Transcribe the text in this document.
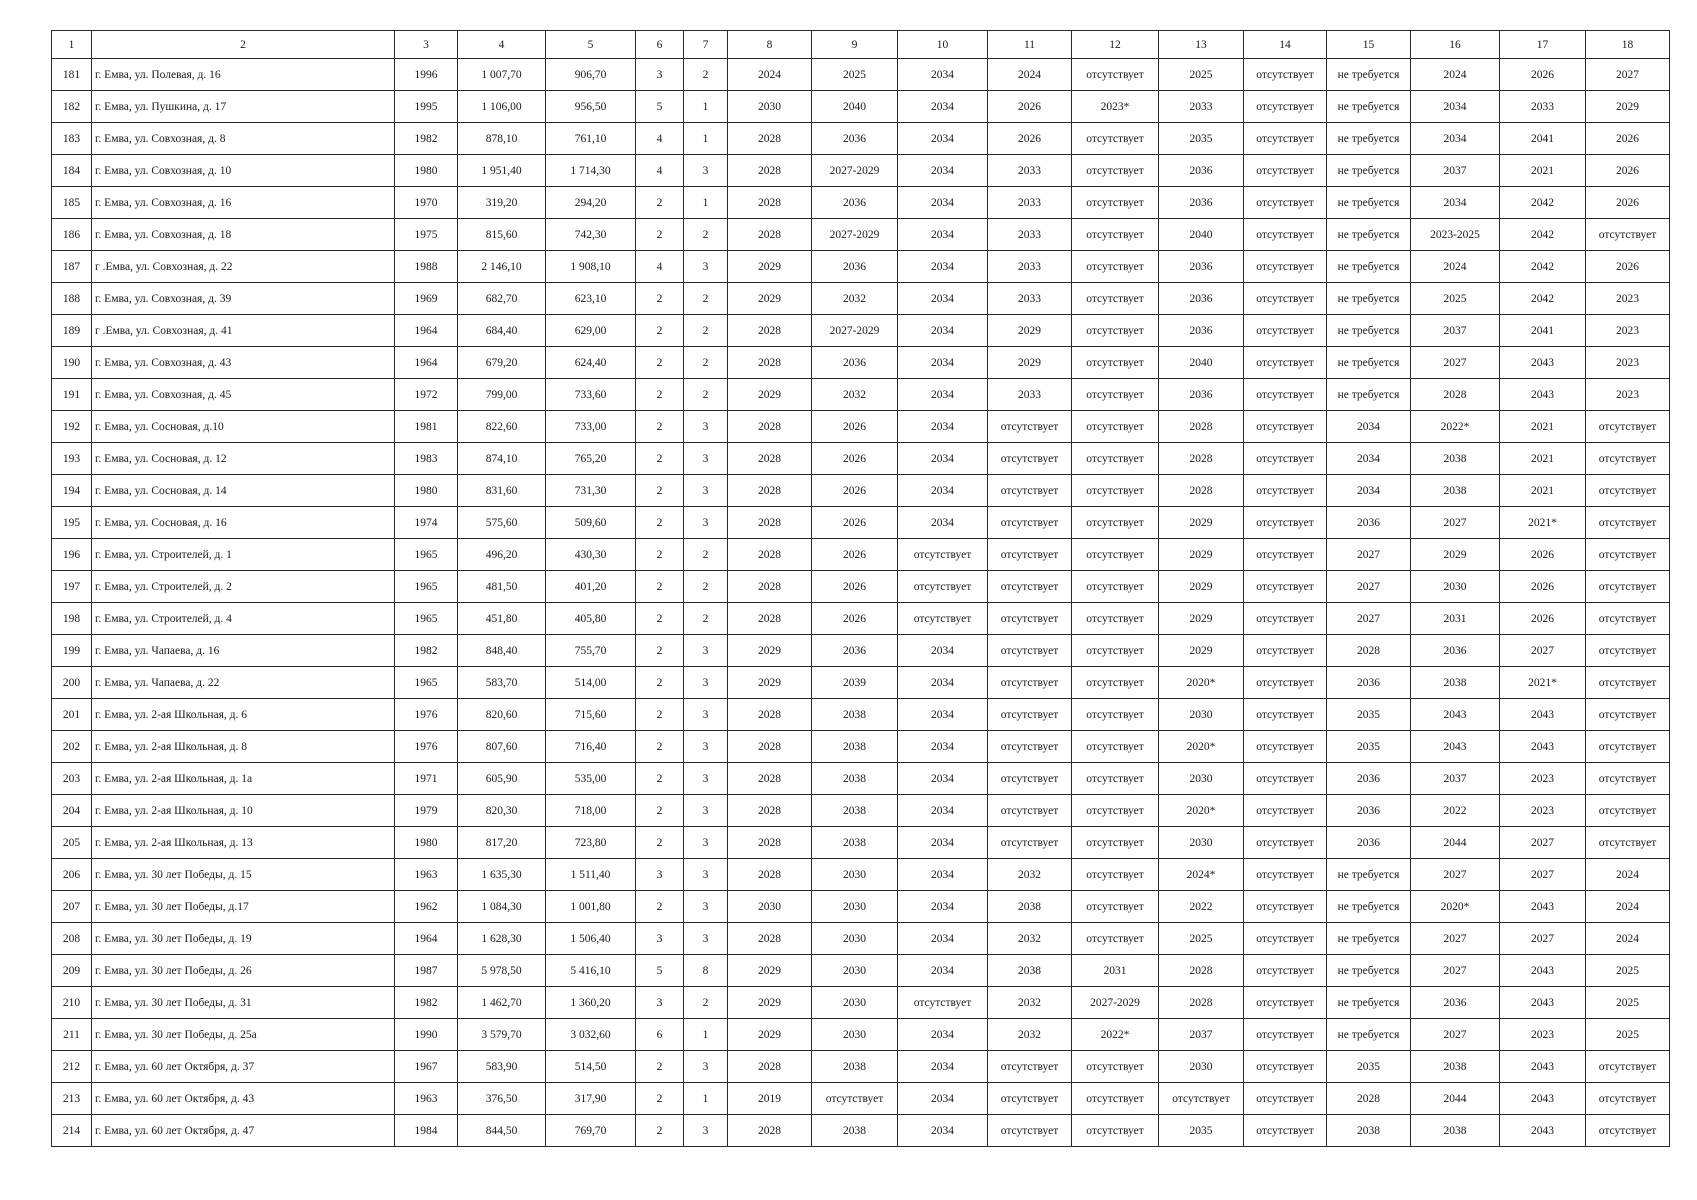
1	2	3	4	5	6	7	8	9	10	11	12	13	14	15	16	17	18
181	г. Емва, ул. Полевая, д. 16	1996	1 007,70	906,70	3	2	2024	2025	2034	2024	отсутствует	2025	отсутствует	не требуется	2024	2026	2027
182	г. Емва, ул. Пушкина, д. 17	1995	1 106,00	956,50	5	1	2030	2040	2034	2026	2023*	2033	отсутствует	не требуется	2034	2033	2029
183	г. Емва, ул. Совхозная, д. 8	1982	878,10	761,10	4	1	2028	2036	2034	2026	отсутствует	2035	отсутствует	не требуется	2034	2041	2026
184	г. Емва, ул. Совхозная, д. 10	1980	1 951,40	1 714,30	4	3	2028	2027-2029	2034	2033	отсутствует	2036	отсутствует	не требуется	2037	2021	2026
185	г. Емва, ул. Совхозная, д. 16	1970	319,20	294,20	2	1	2028	2036	2034	2033	отсутствует	2036	отсутствует	не требуется	2034	2042	2026
186	г. Емва, ул. Совхозная, д. 18	1975	815,60	742,30	2	2	2028	2027-2029	2034	2033	отсутствует	2040	отсутствует	не требуется	2023-2025	2042	отсутствует
187	г .Емва, ул. Совхозная, д. 22	1988	2 146,10	1 908,10	4	3	2029	2036	2034	2033	отсутствует	2036	отсутствует	не требуется	2024	2042	2026
188	г. Емва, ул. Совхозная, д. 39	1969	682,70	623,10	2	2	2029	2032	2034	2033	отсутствует	2036	отсутствует	не требуется	2025	2042	2023
189	г .Емва, ул. Совхозная, д. 41	1964	684,40	629,00	2	2	2028	2027-2029	2034	2029	отсутствует	2036	отсутствует	не требуется	2037	2041	2023
190	г. Емва, ул. Совхозная, д. 43	1964	679,20	624,40	2	2	2028	2036	2034	2029	отсутствует	2040	отсутствует	не требуется	2027	2043	2023
191	г. Емва, ул. Совхозная, д. 45	1972	799,00	733,60	2	2	2029	2032	2034	2033	отсутствует	2036	отсутствует	не требуется	2028	2043	2023
192	г. Емва, ул. Сосновая, д.10	1981	822,60	733,00	2	3	2028	2026	2034	отсутствует	отсутствует	2028	отсутствует	2034	2022*	2021	отсутствует
193	г. Емва, ул. Сосновая, д. 12	1983	874,10	765,20	2	3	2028	2026	2034	отсутствует	отсутствует	2028	отсутствует	2034	2038	2021	отсутствует
194	г. Емва, ул. Сосновая, д. 14	1980	831,60	731,30	2	3	2028	2026	2034	отсутствует	отсутствует	2028	отсутствует	2034	2038	2021	отсутствует
195	г. Емва, ул. Сосновая, д. 16	1974	575,60	509,60	2	3	2028	2026	2034	отсутствует	отсутствует	2029	отсутствует	2036	2027	2021*	отсутствует
196	г. Емва, ул. Строителей, д. 1	1965	496,20	430,30	2	2	2028	2026	отсутствует	отсутствует	отсутствует	2029	отсутствует	2027	2029	2026	отсутствует
197	г. Емва, ул. Строителей, д. 2	1965	481,50	401,20	2	2	2028	2026	отсутствует	отсутствует	отсутствует	2029	отсутствует	2027	2030	2026	отсутствует
198	г. Емва, ул. Строителей, д. 4	1965	451,80	405,80	2	2	2028	2026	отсутствует	отсутствует	отсутствует	2029	отсутствует	2027	2031	2026	отсутствует
199	г. Емва, ул. Чапаева, д. 16	1982	848,40	755,70	2	3	2029	2036	2034	отсутствует	отсутствует	2029	отсутствует	2028	2036	2027	отсутствует
200	г. Емва, ул. Чапаева, д. 22	1965	583,70	514,00	2	3	2029	2039	2034	отсутствует	отсутствует	2020*	отсутствует	2036	2038	2021*	отсутствует
201	г. Емва, ул. 2-ая Школьная, д. 6	1976	820,60	715,60	2	3	2028	2038	2034	отсутствует	отсутствует	2030	отсутствует	2035	2043	2043	отсутствует
202	г. Емва, ул. 2-ая Школьная, д. 8	1976	807,60	716,40	2	3	2028	2038	2034	отсутствует	отсутствует	2020*	отсутствует	2035	2043	2043	отсутствует
203	г. Емва, ул. 2-ая Школьная, д. 1а	1971	605,90	535,00	2	3	2028	2038	2034	отсутствует	отсутствует	2030	отсутствует	2036	2037	2023	отсутствует
204	г. Емва, ул. 2-ая Школьная, д. 10	1979	820,30	718,00	2	3	2028	2038	2034	отсутствует	отсутствует	2020*	отсутствует	2036	2022	2023	отсутствует
205	г. Емва, ул. 2-ая Школьная, д. 13	1980	817,20	723,80	2	3	2028	2038	2034	отсутствует	отсутствует	2030	отсутствует	2036	2044	2027	отсутствует
206	г. Емва, ул. 30 лет Победы, д. 15	1963	1 635,30	1 511,40	3	3	2028	2030	2034	2032	отсутствует	2024*	отсутствует	не требуется	2027	2027	2024
207	г. Емва, ул. 30 лет Победы, д.17	1962	1 084,30	1 001,80	2	3	2030	2030	2034	2038	отсутствует	2022	отсутствует	не требуется	2020*	2043	2024
208	г. Емва, ул. 30 лет Победы, д. 19	1964	1 628,30	1 506,40	3	3	2028	2030	2034	2032	отсутствует	2025	отсутствует	не требуется	2027	2027	2024
209	г. Емва, ул. 30 лет Победы, д. 26	1987	5 978,50	5 416,10	5	8	2029	2030	2034	2038	2031	2028	отсутствует	не требуется	2027	2043	2025
210	г. Емва, ул. 30 лет Победы, д. 31	1982	1 462,70	1 360,20	3	2	2029	2030	отсутствует	2032	2027-2029	2028	отсутствует	не требуется	2036	2043	2025
211	г. Емва, ул. 30 лет Победы, д. 25а	1990	3 579,70	3 032,60	6	1	2029	2030	2034	2032	2022*	2037	отсутствует	не требуется	2027	2023	2025
212	г. Емва, ул. 60 лет Октября, д. 37	1967	583,90	514,50	2	3	2028	2038	2034	отсутствует	отсутствует	2030	отсутствует	2035	2038	2043	отсутствует
213	г. Емва, ул. 60 лет Октября, д. 43	1963	376,50	317,90	2	1	2019	отсутствует	2034	отсутствует	отсутствует	отсутствует	отсутствует	2028	2044	2043	отсутствует
214	г. Емва, ул. 60 лет Октября, д. 47	1984	844,50	769,70	2	3	2028	2038	2034	отсутствует	отсутствует	2035	отсутствует	2038	2038	2043	отсутствует
